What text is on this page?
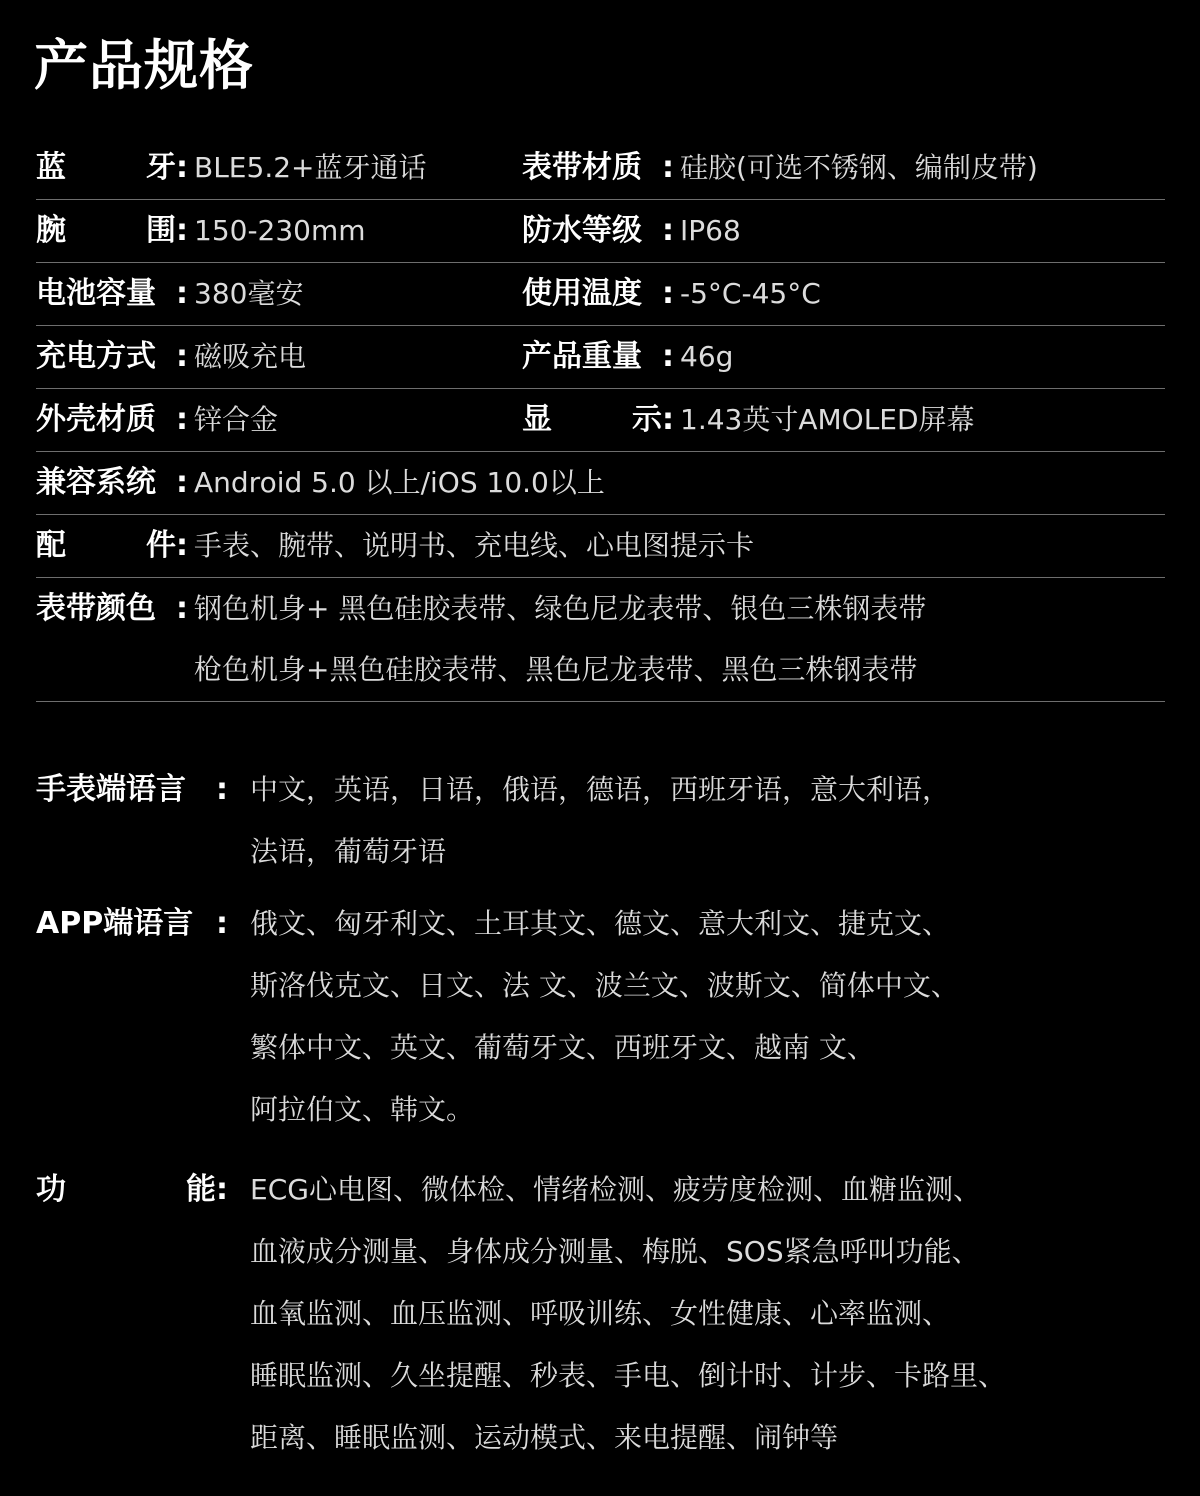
产品规格
蓝	牙 : BLE5.2+蓝牙通话	表带材质 : 硅胶(可选不锈钢、编制皮带)
腕	围 : 150-230mm	防水等级 : IP68
电池容量 : 380毫安	使用温度 : -5°C-45°C
充电方式 : 磁吸充电	产品重量 : 46g
外壳材质 : 锌合金	显	示 : 1.43英寸AMOLED屏幕
兼容系统 : Android 5.0 以上/iOS 10.0以上
配	件 : 手表、腕带、说明书、充电线、心电图提示卡
表带颜色 : 钢色机身+ 黑色硅胶表带、绿色尼龙表带、银色三株钢表带
枪色机身+黑色硅胶表带、黑色尼龙表带、黑色三株钢表带
手表端语言	: 中文，英语，日语，俄语，德语，西班牙语，意大利语，
法语，葡萄牙语
APP端语言 : 俄文、匈牙利文、土耳其文、德文、意大利文、捷克文、
斯洛伐克文、日文、法 文、波兰文、波斯文、简体中文、
繁体中文、英文、葡萄牙文、西班牙文、越南 文、
阿拉伯文、韩文。
功	能 : ECG心电图、微体检、情绪检测、疲劳度检测、血糖监测、
血液成分测量、身体成分测量、梅脱、SOS紧急呼叫功能、
血氧监测、血压监测、呼吸训练、女性健康、心率监测、
睡眠监测、久坐提醒、秒表、手电、倒计时、计步、卡路里、
距离、睡眠监测、运动模式、来电提醒、闹钟等
